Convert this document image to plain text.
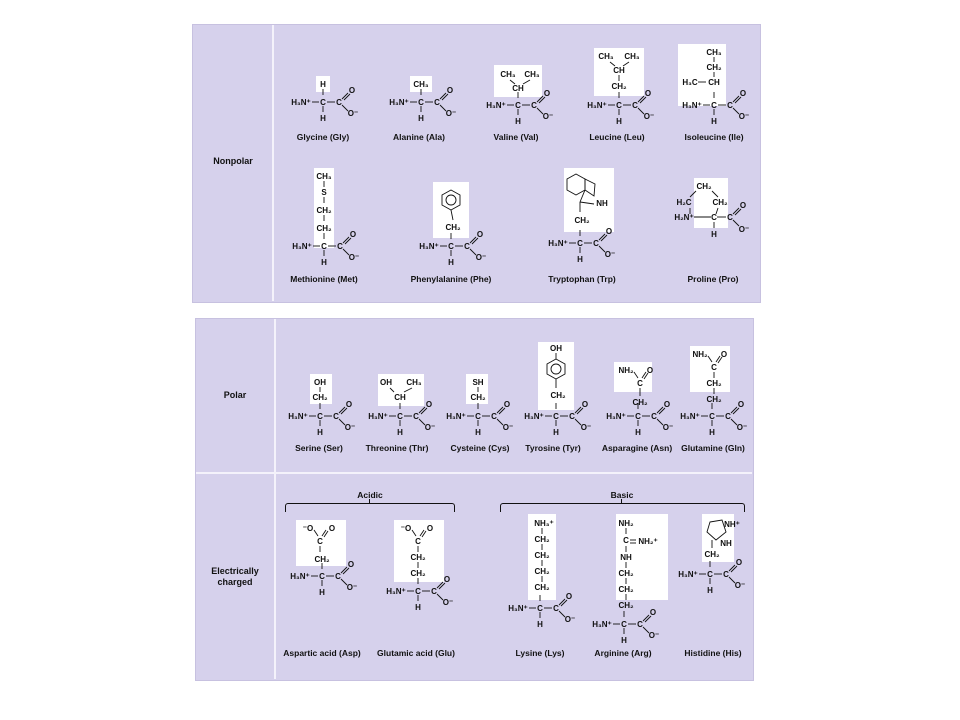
Nonpolar
Polar
Electrically
charged
Acidic	Basic
H
H₃N⁺ C C
O
O⁻
H
CH₃
H₃N⁺ C C
O
O⁻
H
CH₃ CH₃
CH
H₃N⁺ C C
O
O⁻
H
CH₃ CH₃
CH
CH₂
H₃N⁺ C C
O
O⁻
H
CH₃
CH₂
H₃C CH
H₃N⁺ C C
O
O⁻
H
CH₃
S
CH₂
CH₂
H₃N⁺ C C
O
O⁻
H
CH₂
H₃N⁺ C C
O
O⁻
H
NH
CH₂
H₃N⁺ C C
O
O⁻
H
CH₂
H₂C	CH₂
H₂N⁺ C C
O
O⁻
H
OH
CH₂
H₃N⁺ C C
O
O⁻
H
OH CH₃
CH
H₃N⁺ C C
O
O⁻
H
SH
CH₂
H₃N⁺ C C
O
O⁻
H
OH
CH₂
H₃N⁺ C C
O
O⁻
H
NH₂
C
O
CH₂
H₃N⁺ C C
O
O⁻
H
NH₂
C
O
CH₂
CH₂
H₃N⁺ C C
O
O⁻
H
⁻O
C
O
CH₂
H₃N⁺ C C
O
O⁻
H
⁻O
C
O
CH₂
CH₂
H₃N⁺ C C
O
O⁻
H
NH₃⁺
CH₂
CH₂
CH₂
CH₂
H₃N⁺ C C
O
O⁻
H
NH₂
C NH₂⁺
NH
CH₂
CH₂
CH₂
H₃N⁺ C C
O
O⁻
H
NH⁺
NH
CH₂
H₃N⁺ C C
O
O⁻
H
Glycine (Gly)	Alanine (Ala)	Valine (Val)	Leucine (Leu)	Isoleucine (Ile)
Methionine (Met)	Phenylalanine (Phe)	Tryptophan (Trp)	Proline (Pro)
Serine (Ser)	Threonine (Thr)	Cysteine (Cys) Tyrosine (Tyr) Asparagine (Asn) Glutamine (Gln)
Aspartic acid (Asp) Glutamic acid (Glu)	Lysine (Lys)	Arginine (Arg)	Histidine (His)
